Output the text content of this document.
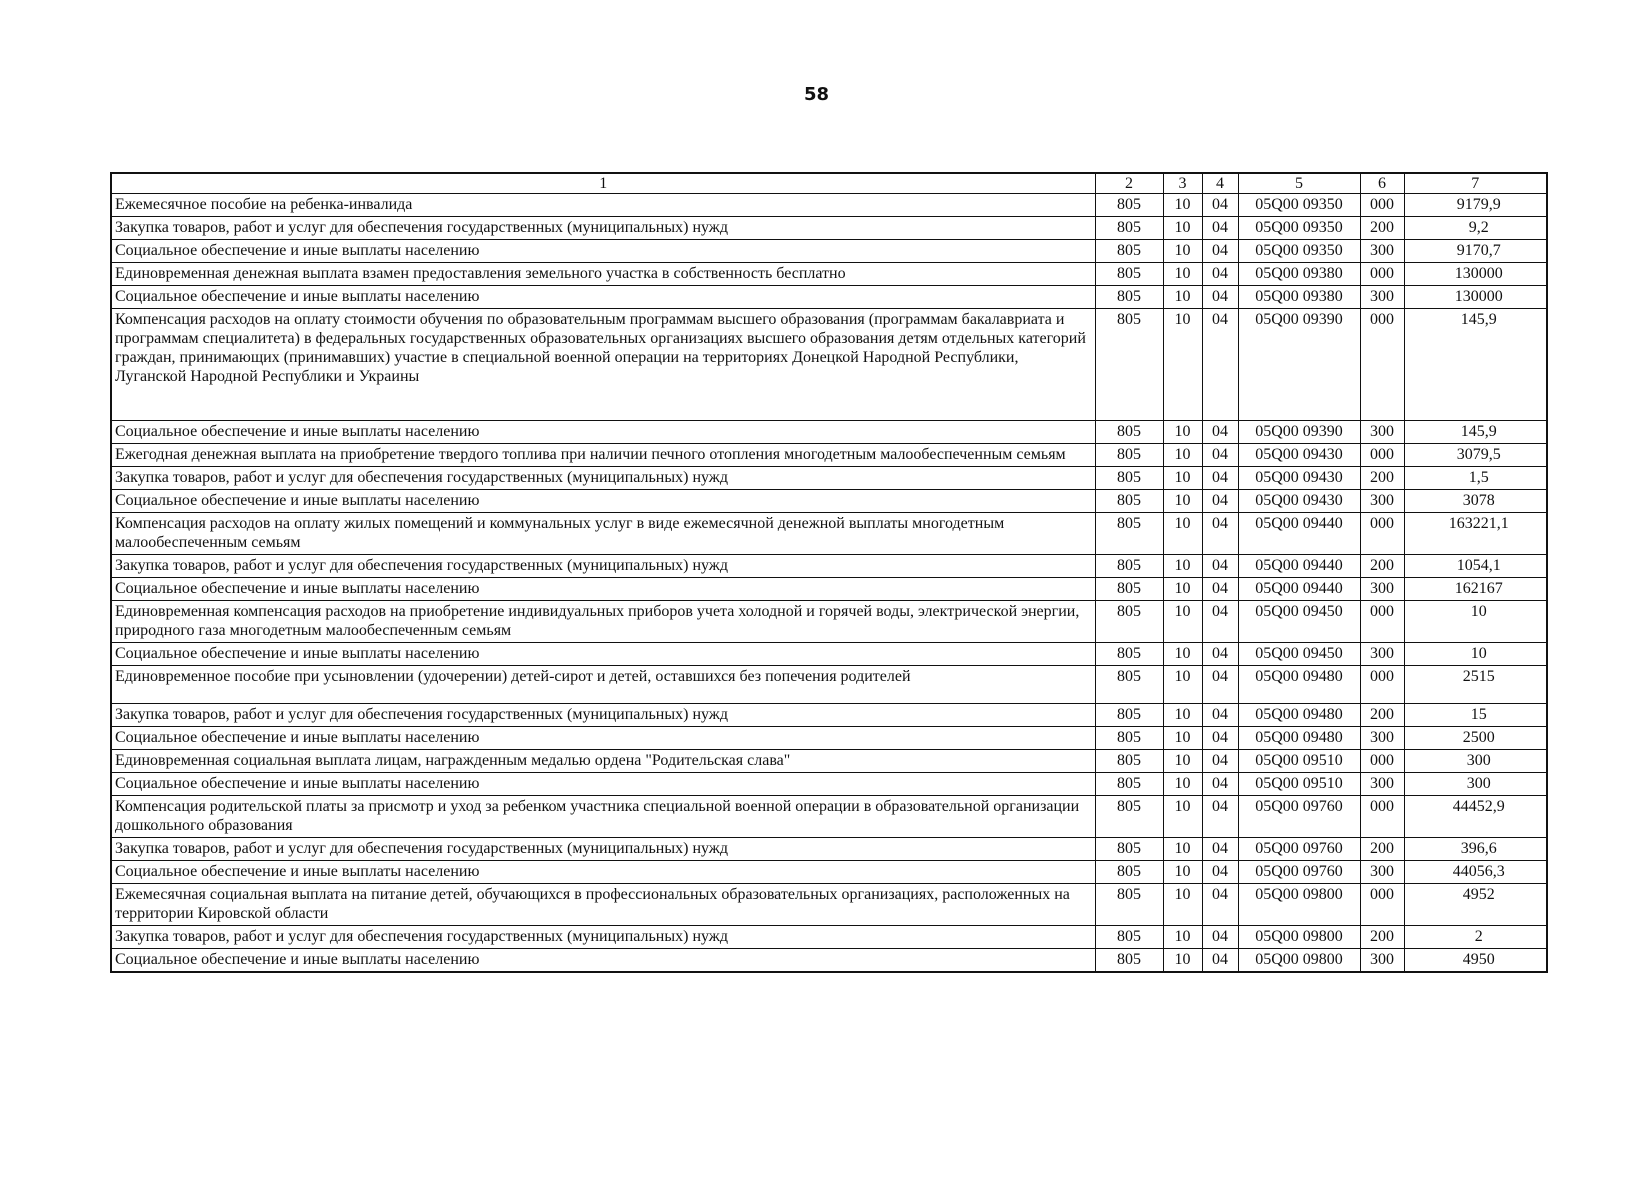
58
1	2	3	4	5	6	7
Ежемесячное пособие на ребенка-инвалида	805	10	04	05Q00 09350	000	9179,9
Закупка товаров, работ и услуг для обеспечения государственных (муниципальных) нужд	805	10	04	05Q00 09350	200	9,2
Социальное обеспечение и иные выплаты населению	805	10	04	05Q00 09350	300	9170,7
Единовременная денежная выплата взамен предоставления земельного участка в собственность бесплатно	805	10	04	05Q00 09380	000	130000
Социальное обеспечение и иные выплаты населению	805	10	04	05Q00 09380	300	130000
Компенсация расходов на оплату стоимости обучения по образовательным программам высшего образования (программам бакалавриата и программам специалитета) в федеральных государственных образовательных организациях высшего образования детям отдельных категорий граждан, принимающих (принимавших) участие в специальной военной операции на территориях Донецкой Народной Республики, Луганской Народной Республики и Украины	805	10	04	05Q00 09390	000	145,9
Социальное обеспечение и иные выплаты населению	805	10	04	05Q00 09390	300	145,9
Ежегодная денежная выплата на приобретение твердого топлива при наличии печного отопления многодетным малообеспеченным семьям	805	10	04	05Q00 09430	000	3079,5
Закупка товаров, работ и услуг для обеспечения государственных (муниципальных) нужд	805	10	04	05Q00 09430	200	1,5
Социальное обеспечение и иные выплаты населению	805	10	04	05Q00 09430	300	3078
Компенсация расходов на оплату жилых помещений и коммунальных услуг в виде ежемесячной денежной выплаты многодетным малообеспеченным семьям	805	10	04	05Q00 09440	000	163221,1
Закупка товаров, работ и услуг для обеспечения государственных (муниципальных) нужд	805	10	04	05Q00 09440	200	1054,1
Социальное обеспечение и иные выплаты населению	805	10	04	05Q00 09440	300	162167
Единовременная компенсация расходов на приобретение индивидуальных приборов учета холодной и горячей воды, электрической энергии, природного газа многодетным малообеспеченным семьям	805	10	04	05Q00 09450	000	10
Социальное обеспечение и иные выплаты населению	805	10	04	05Q00 09450	300	10
Единовременное пособие при усыновлении (удочерении) детей-сирот и детей, оставшихся без попечения родителей	805	10	04	05Q00 09480	000	2515
Закупка товаров, работ и услуг для обеспечения государственных (муниципальных) нужд	805	10	04	05Q00 09480	200	15
Социальное обеспечение и иные выплаты населению	805	10	04	05Q00 09480	300	2500
Единовременная социальная выплата лицам, награжденным медалью ордена "Родительская слава"	805	10	04	05Q00 09510	000	300
Социальное обеспечение и иные выплаты населению	805	10	04	05Q00 09510	300	300
Компенсация родительской платы за присмотр и уход за ребенком участника специальной военной операции в образовательной организации дошкольного образования	805	10	04	05Q00 09760	000	44452,9
Закупка товаров, работ и услуг для обеспечения государственных (муниципальных) нужд	805	10	04	05Q00 09760	200	396,6
Социальное обеспечение и иные выплаты населению	805	10	04	05Q00 09760	300	44056,3
Ежемесячная социальная выплата на питание детей, обучающихся в профессиональных образовательных организациях, расположенных на территории Кировской области	805	10	04	05Q00 09800	000	4952
Закупка товаров, работ и услуг для обеспечения государственных (муниципальных) нужд	805	10	04	05Q00 09800	200	2
Социальное обеспечение и иные выплаты населению	805	10	04	05Q00 09800	300	4950
